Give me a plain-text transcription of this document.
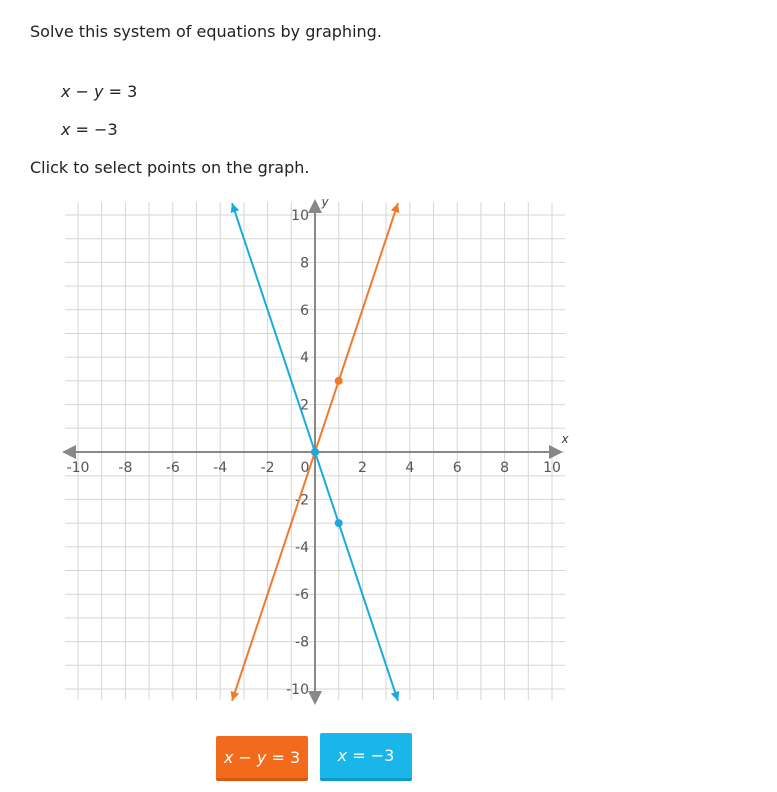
Solve this system of equations by graphing.
x − y = 3
x = −3
Click to select points on the graph.
x
y
-10 -8 -6 -4 -2 0	2	4	6	8 10
10
8
6
4
2
-2
-4
-6
-8
-10
x − y = 3 x = −3
